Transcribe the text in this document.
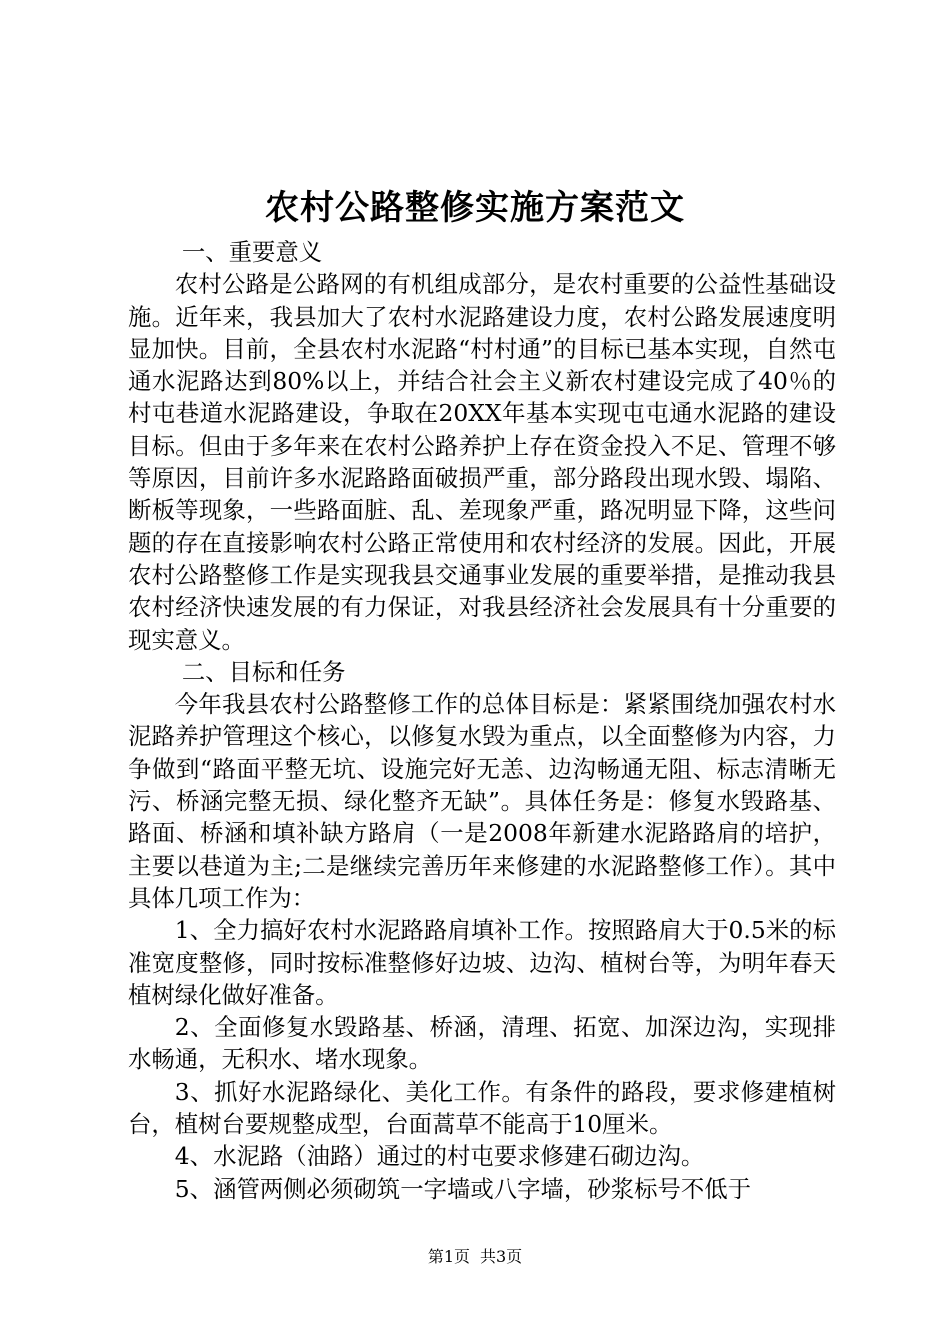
农村公路整修实施方案范文

一、重要意义

农村公路是公路网的有机组成部分，是农村重要的公益性基础设施。近年来，我县加大了农村水泥路建设力度，农村公路发展速度明显加快。目前，全县农村水泥路“村村通”的目标已基本实现，自然屯通水泥路达到80%以上，并结合社会主义新农村建设完成了40％的村屯巷道水泥路建设，争取在20XX年基本实现屯屯通水泥路的建设目标。但由于多年来在农村公路养护上存在资金投入不足、管理不够等原因，目前许多水泥路路面破损严重，部分路段出现水毁、塌陷、断板等现象，一些路面脏、乱、差现象严重，路况明显下降，这些问题的存在直接影响农村公路正常使用和农村经济的发展。因此，开展农村公路整修工作是实现我县交通事业发展的重要举措，是推动我县农村经济快速发展的有力保证，对我县经济社会发展具有十分重要的现实意义。

二、目标和任务

今年我县农村公路整修工作的总体目标是：紧紧围绕加强农村水泥路养护管理这个核心，以修复水毁为重点，以全面整修为内容，力争做到“路面平整无坑、设施完好无恙、边沟畅通无阻、标志清晰无污、桥涵完整无损、绿化整齐无缺”。具体任务是：修复水毁路基、路面、桥涵和填补缺方路肩（一是2008年新建水泥路路肩的培护，主要以巷道为主;二是继续完善历年来修建的水泥路整修工作）。其中具体几项工作为：

1、全力搞好农村水泥路路肩填补工作。按照路肩大于0.5米的标准宽度整修，同时按标准整修好边坡、边沟、植树台等，为明年春天植树绿化做好准备。

2、全面修复水毁路基、桥涵，清理、拓宽、加深边沟，实现排水畅通，无积水、堵水现象。

3、抓好水泥路绿化、美化工作。有条件的路段，要求修建植树台，植树台要规整成型，台面蒿草不能高于10厘米。

4、水泥路（油路）通过的村屯要求修建石砌边沟。

5、涵管两侧必须砌筑一字墙或八字墙，砂浆标号不低于

第1页 共3页
